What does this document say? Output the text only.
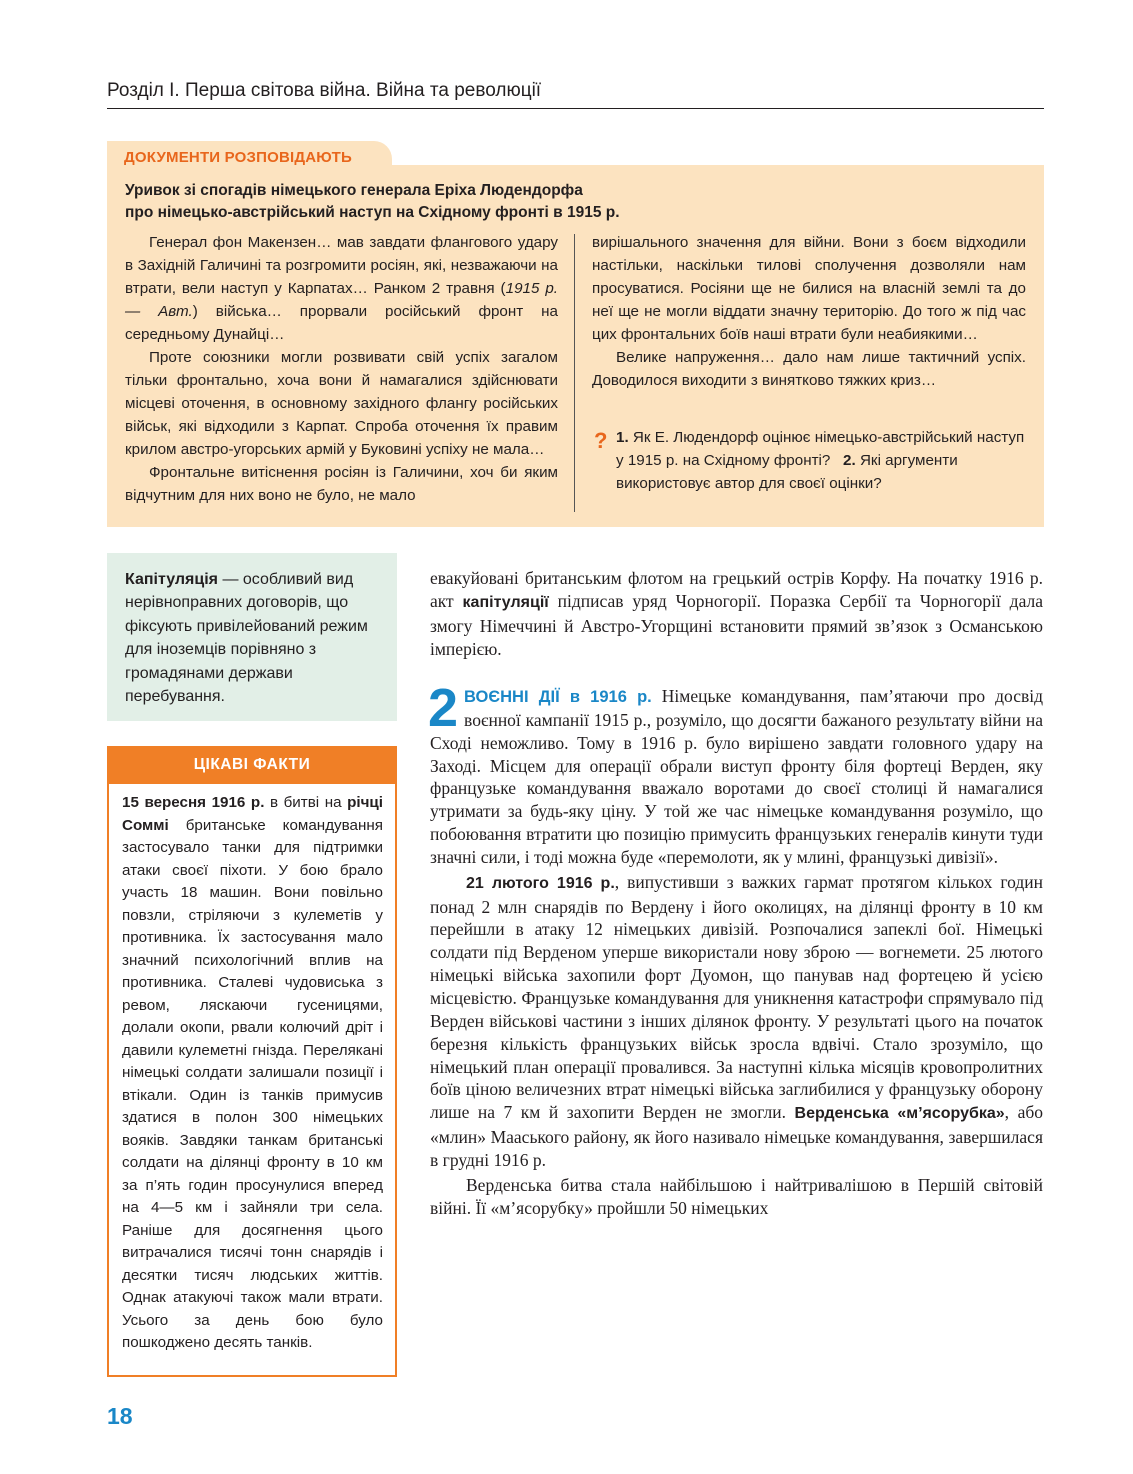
Розділ І. Перша світова війна. Війна та революції
ДОКУМЕНТИ РОЗПОВІДАЮТЬ
Уривок зі спогадів німецького генерала Еріха Людендорфа
про німецько-австрійський наступ на Східному фронті в 1915 р.

Генерал фон Макензен… мав завдати флангового удару в Західній Галичині та розгромити росіян, які, незважаючи на втрати, вели наступ у Карпатах… Ранком 2 травня (1915 р. — Авт.) війська… прорвали російський фронт на середньому Дунайці…

Проте союзники могли розвивати свій успіх загалом тільки фронтально, хоча вони й намагалися здійснювати місцеві оточення, в основному західного флангу російських військ, які відходили з Карпат. Спроба оточення їх правим крилом австро-угорських армій у Буковині успіху не мала…

Фронтальне витіснення росіян із Галичини, хоч би яким відчутним для них воно не було, не мало

вирішального значення для війни. Вони з боєм відходили настільки, наскільки тилові сполучення дозволяли нам просуватися. Росіяни ще не билися на власній землі та до неї ще не могли віддати значну територію. До того ж під час цих фронтальних боїв наші втрати були неабиякими…

Велике напруження… дало нам лише тактичний успіх. Доводилося виходити з винятково тяжких криз…

? 1. Як Е. Людендорф оцінює німецько-австрійський наступ у 1915 р. на Східному фронті? 2. Які аргументи використовує автор для своєї оцінки?
Капітуляція — особливий вид нерівноправних договорів, що фіксують привілейований режим для іноземців порівняно з громадянами держави перебування.
ЦІКАВІ ФАКТИ
15 вересня 1916 р. в битві на річці Соммі британське командування застосувало танки для підтримки атаки своєї піхоти. У бою брало участь 18 машин. Вони повільно повзли, стріляючи з кулеметів у противника. Їх застосування мало значний психологічний вплив на противника. Сталеві чудовиська з ревом, ляскаючи гусеницями, долали окопи, рвали колючий дріт і давили кулеметні гнізда. Перелякані німецькі солдати залишали позиції і втікали. Один із танків примусив здатися в полон 300 німецьких вояків. Завдяки танкам британські солдати на ділянці фронту в 10 км за п’ять годин просунулися вперед на 4—5 км і зайняли три села. Раніше для досягнення цього витрачалися тисячі тонн снарядів і десятки тисяч людських життів. Однак атакуючі також мали втрати. Усього за день бою було пошкоджено десять танків.

евакуйовані британським флотом на грецький острів Корфу. На початку 1916 р. акт капітуляції підписав уряд Чорногорії. Поразка Сербії та Чорногорії дала змогу Німеччині й Австро-Угорщині встановити прямий зв’язок з Османською імперією.

2 ВОЄННІ ДІЇ в 1916 р. Німецьке командування, пам’ятаючи про досвід воєнної кампанії 1915 р., розуміло, що досягти бажаного результату війни на Сході неможливо. Тому в 1916 р. було вирішено завдати головного удару на Заході. Місцем для операції обрали виступ фронту біля фортеці Верден, яку французьке командування вважало воротами до своєї столиці й намагалися утримати за будь-яку ціну. У той же час німецьке командування розуміло, що побоювання втратити цю позицію примусить французьких генералів кинути туди значні сили, і тоді можна буде «перемолоти, як у млині, французькі дивізії».

21 лютого 1916 р., випустивши з важких гармат протягом кількох годин понад 2 млн снарядів по Вердену і його околицях, на ділянці фронту в 10 км перейшли в атаку 12 німецьких дивізій. Розпочалися запеклі бої. Німецькі солдати під Верденом уперше використали нову зброю — вогнемети. 25 лютого німецькі війська захопили форт Дуомон, що панував над фортецею й усією місцевістю. Французьке командування для уникнення катастрофи спрямувало під Верден військові частини з інших ділянок фронту. У результаті цього на початок березня кількість французьких військ зросла вдвічі. Стало зрозуміло, що німецький план операції провалився. За наступні кілька місяців кровопролитних боїв ціною величезних втрат німецькі війська заглибилися у французьку оборону лише на 7 км й захопити Верден не змогли. Верденська «м’ясорубка», або «млин» Мааського району, як його називало німецьке командування, завершилася в грудні 1916 р.

Верденська битва стала найбільшою і найтривалішою в Першій світовій війні. Її «м’ясорубку» пройшли 50 німецьких

18
